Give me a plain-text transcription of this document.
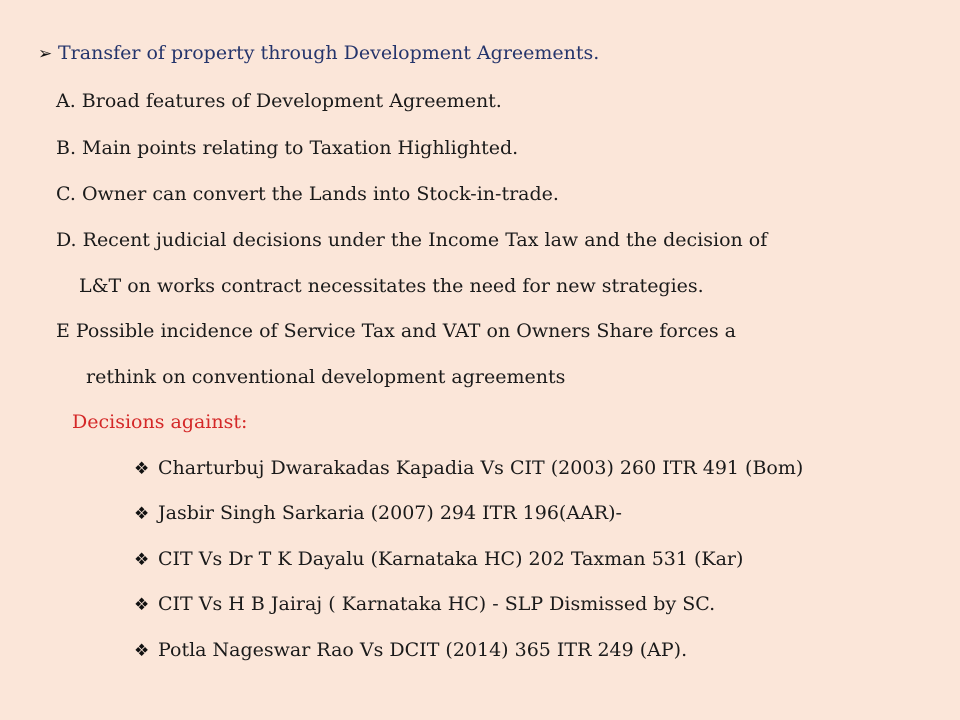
➢ Transfer of property through Development Agreements.
A. Broad features of Development Agreement.
B. Main points relating to Taxation Highlighted.
C. Owner can convert the Lands into Stock-in-trade.
D. Recent judicial decisions under the Income Tax law and the decision of
L&T on works contract necessitates the need for new strategies.
E Possible incidence of Service Tax and VAT on Owners Share forces a
rethink on conventional development agreements
Decisions against:
❖ Charturbuj Dwarakadas Kapadia Vs CIT (2003) 260 ITR 491 (Bom)
❖ Jasbir Singh Sarkaria (2007) 294 ITR 196(AAR)-
❖ CIT Vs Dr T K Dayalu (Karnataka HC) 202 Taxman 531 (Kar)
❖ CIT Vs H B Jairaj ( Karnataka HC) - SLP Dismissed by SC.
❖ Potla Nageswar Rao Vs DCIT (2014) 365 ITR 249 (AP).
